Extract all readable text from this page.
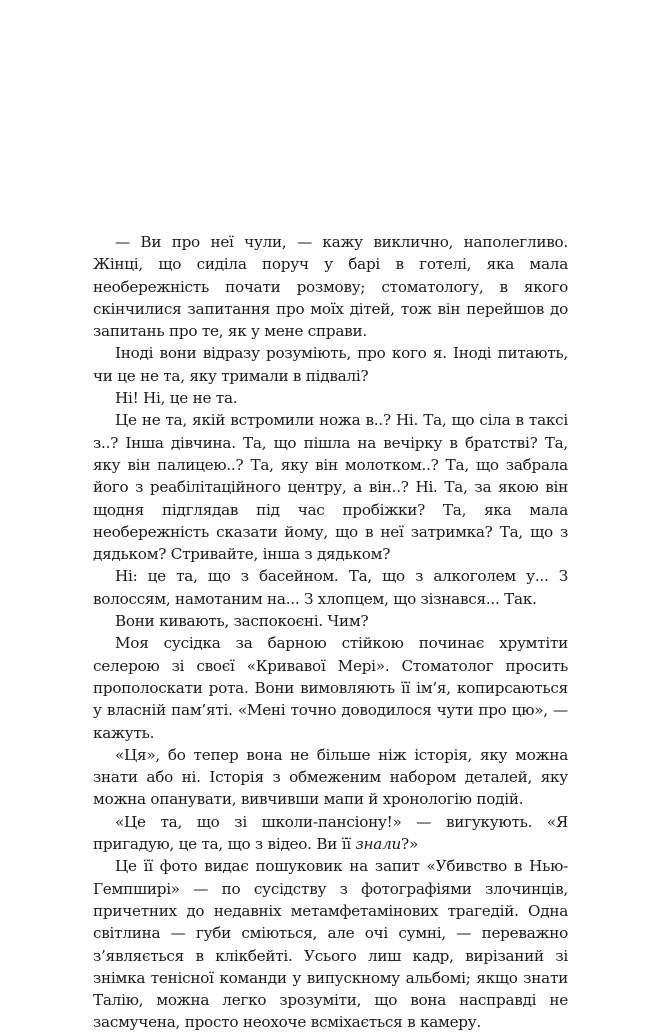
— Ви про неї чули, — кажу виклично, наполегливо. Жінці, що сиділа поруч у барі в готелі, яка мала необережність почати розмову; стоматологу, в якого скінчилися запитання про моїх дітей, тож він перейшов до запитань про те, як у мене справи.

Іноді вони відразу розуміють, про кого я. Іноді питають, чи це не та, яку тримали в підвалі?

Ні! Ні, це не та.

Це не та, якій встромили ножа в..? Ні. Та, що сіла в таксі з..? Інша дівчина. Та, що пішла на вечірку в братстві? Та, яку він палицею..? Та, яку він молотком..? Та, що забрала його з реабілітаційного центру, а він..? Ні. Та, за якою він щодня підглядав під час пробіжки? Та, яка мала необережність сказати йому, що в неї затримка? Та, що з дядьком? Стривайте, інша з дядьком?

Ні: це та, що з басейном. Та, що з алкоголем у... З волоссям, намотаним на... З хлопцем, що зізнався... Так.

Вони кивають, заспокоєні. Чим?

Моя сусідка за барною стійкою починає хрумтіти селерою зі своєї «Кривавої Мері». Стоматолог просить прополоскати рота. Вони вимовляють її ім’я, копирсаються у власній пам’яті. «Мені точно доводилося чути про цю», — кажуть.

«Ця», бо тепер вона не більше ніж історія, яку можна знати або ні. Історія з обмеженим набором деталей, яку можна опанувати, вивчивши мапи й хронологію подій.

«Це та, що зі школи-пансіону!» — вигукують. «Я пригадую, це та, що з відео. Ви її знали?»

Це її фото видає пошуковик на запит «Убивство в Нью-Гемпширі» — по сусідству з фотографіями злочинців, причетних до недавніх метамфетамінових трагедій. Одна світлина — губи сміються, але очі сумні, — переважно з’являється в клікбейті. Усього лиш кадр, вирізаний зі знімка тенісної команди у випускному альбомі; якщо знати Талію, можна легко зрозуміти, що вона насправді не засмучена, просто неохоче всміхається в камеру.
